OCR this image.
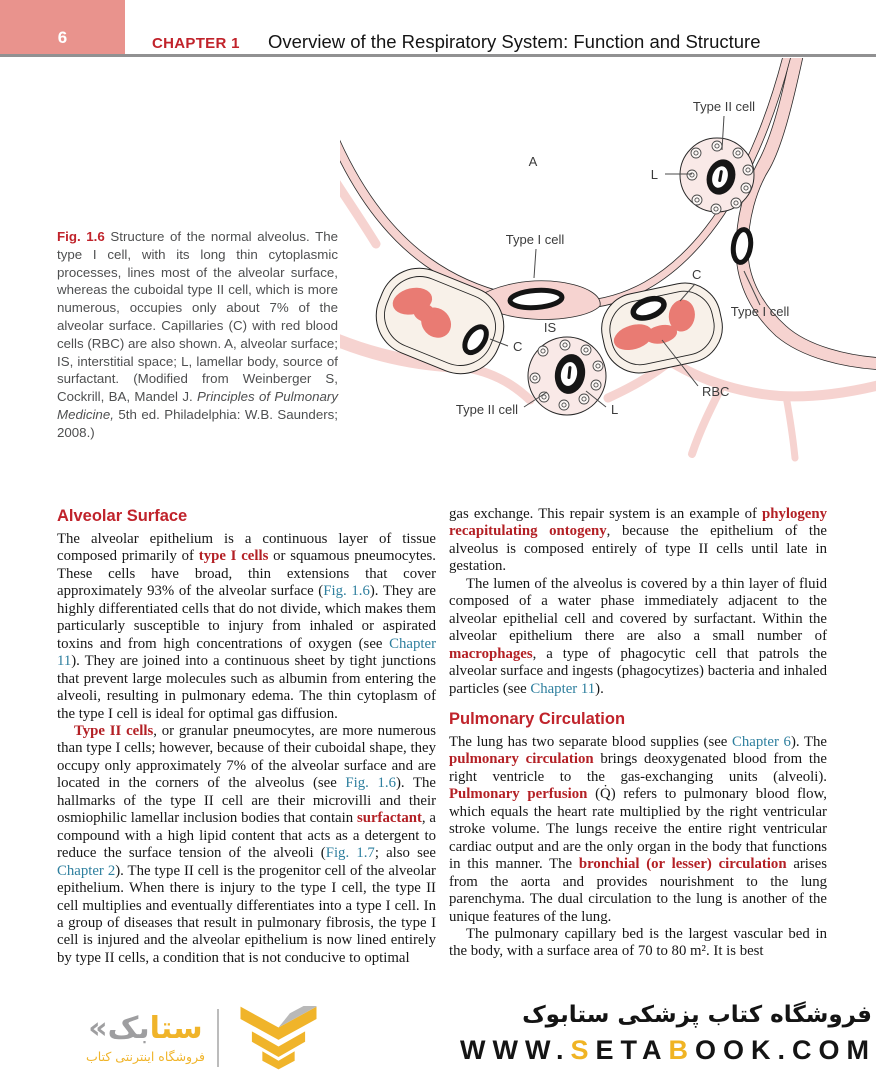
6	CHAPTER 1 Overview of the Respiratory System: Function and Structure
Fig. 1.6 Structure of the normal alveolus. The type I cell, with its long thin cytoplasmic processes, lines most of the alveolar surface, whereas the cuboidal type II cell, which is more numerous, occupies only about 7% of the alveolar surface. Capillaries (C) with red blood cells (RBC) are also shown. A, alveolar surface; IS, interstitial space; L, lamellar body, source of surfactant. (Modified from Weinberger S, Cockrill, BA, Mandel J. Principles of Pulmonary Medicine, 5th ed. Philadelphia: W.B. Saunders; 2008.)
Type II cell
L
A
Type I cell
IS
C
Type II cell	L
C
RBC
Type I cell
Alveolar Surface

The alveolar epithelium is a continuous layer of tissue composed primarily of type I cells or squamous pneumocytes. These cells have broad, thin extensions that cover approximately 93% of the alveolar surface (Fig. 1.6). They are highly differentiated cells that do not divide, which makes them particularly susceptible to injury from inhaled or aspirated toxins and from high concentrations of oxygen (see Chapter 11). They are joined into a continuous sheet by tight junctions that prevent large molecules such as albumin from entering the alveoli, resulting in pulmonary edema. The thin cytoplasm of the type I cell is ideal for optimal gas diffusion.

Type II cells, or granular pneumocytes, are more numerous than type I cells; however, because of their cuboidal shape, they occupy only approximately 7% of the alveolar surface and are located in the corners of the alveolus (see Fig. 1.6). The hallmarks of the type II cell are their microvilli and their osmiophilic lamellar inclusion bodies that contain surfactant, a compound with a high lipid content that acts as a detergent to reduce the surface tension of the alveoli (Fig. 1.7; also see Chapter 2). The type II cell is the progenitor cell of the alveolar epithelium. When there is injury to the type I cell, the type II cell multiplies and eventually differentiates into a type I cell. In a group of diseases that result in pulmonary fibrosis, the type I cell is injured and the alveolar epithelium is now lined entirely by type II cells, a condition that is not conducive to optimal

gas exchange. This repair system is an example of phylogeny recapitulating ontogeny, because the epithelium of the alveolus is composed entirely of type II cells until late in gestation.

The lumen of the alveolus is covered by a thin layer of fluid composed of a water phase immediately adjacent to the alveolar epithelial cell and covered by surfactant. Within the alveolar epithelium there are also a small number of macrophages, a type of phagocytic cell that patrols the alveolar surface and ingests (phagocytizes) bacteria and inhaled particles (see Chapter 11).

Pulmonary Circulation

The lung has two separate blood supplies (see Chapter 6). The pulmonary circulation brings deoxygenated blood from the right ventricle to the gas-exchanging units (alveoli). Pulmonary perfusion (Q̇) refers to pulmonary blood flow, which equals the heart rate multiplied by the right ventricular stroke volume. The lungs receive the entire right ventricular cardiac output and are the only organ in the body that functions in this manner. The bronchial (or lesser) circulation arises from the aorta and provides nourishment to the lung parenchyma. The dual circulation to the lung is another of the unique features of the lung.

The pulmonary capillary bed is the largest vascular bed in the body, with a surface area of 70 to 80 m². It is best

« بک ستا
فروشگاه اینترنتی کتاب
فروشگاه کتاب پزشکی ستابوک
WWW.SETABOOK.COM
